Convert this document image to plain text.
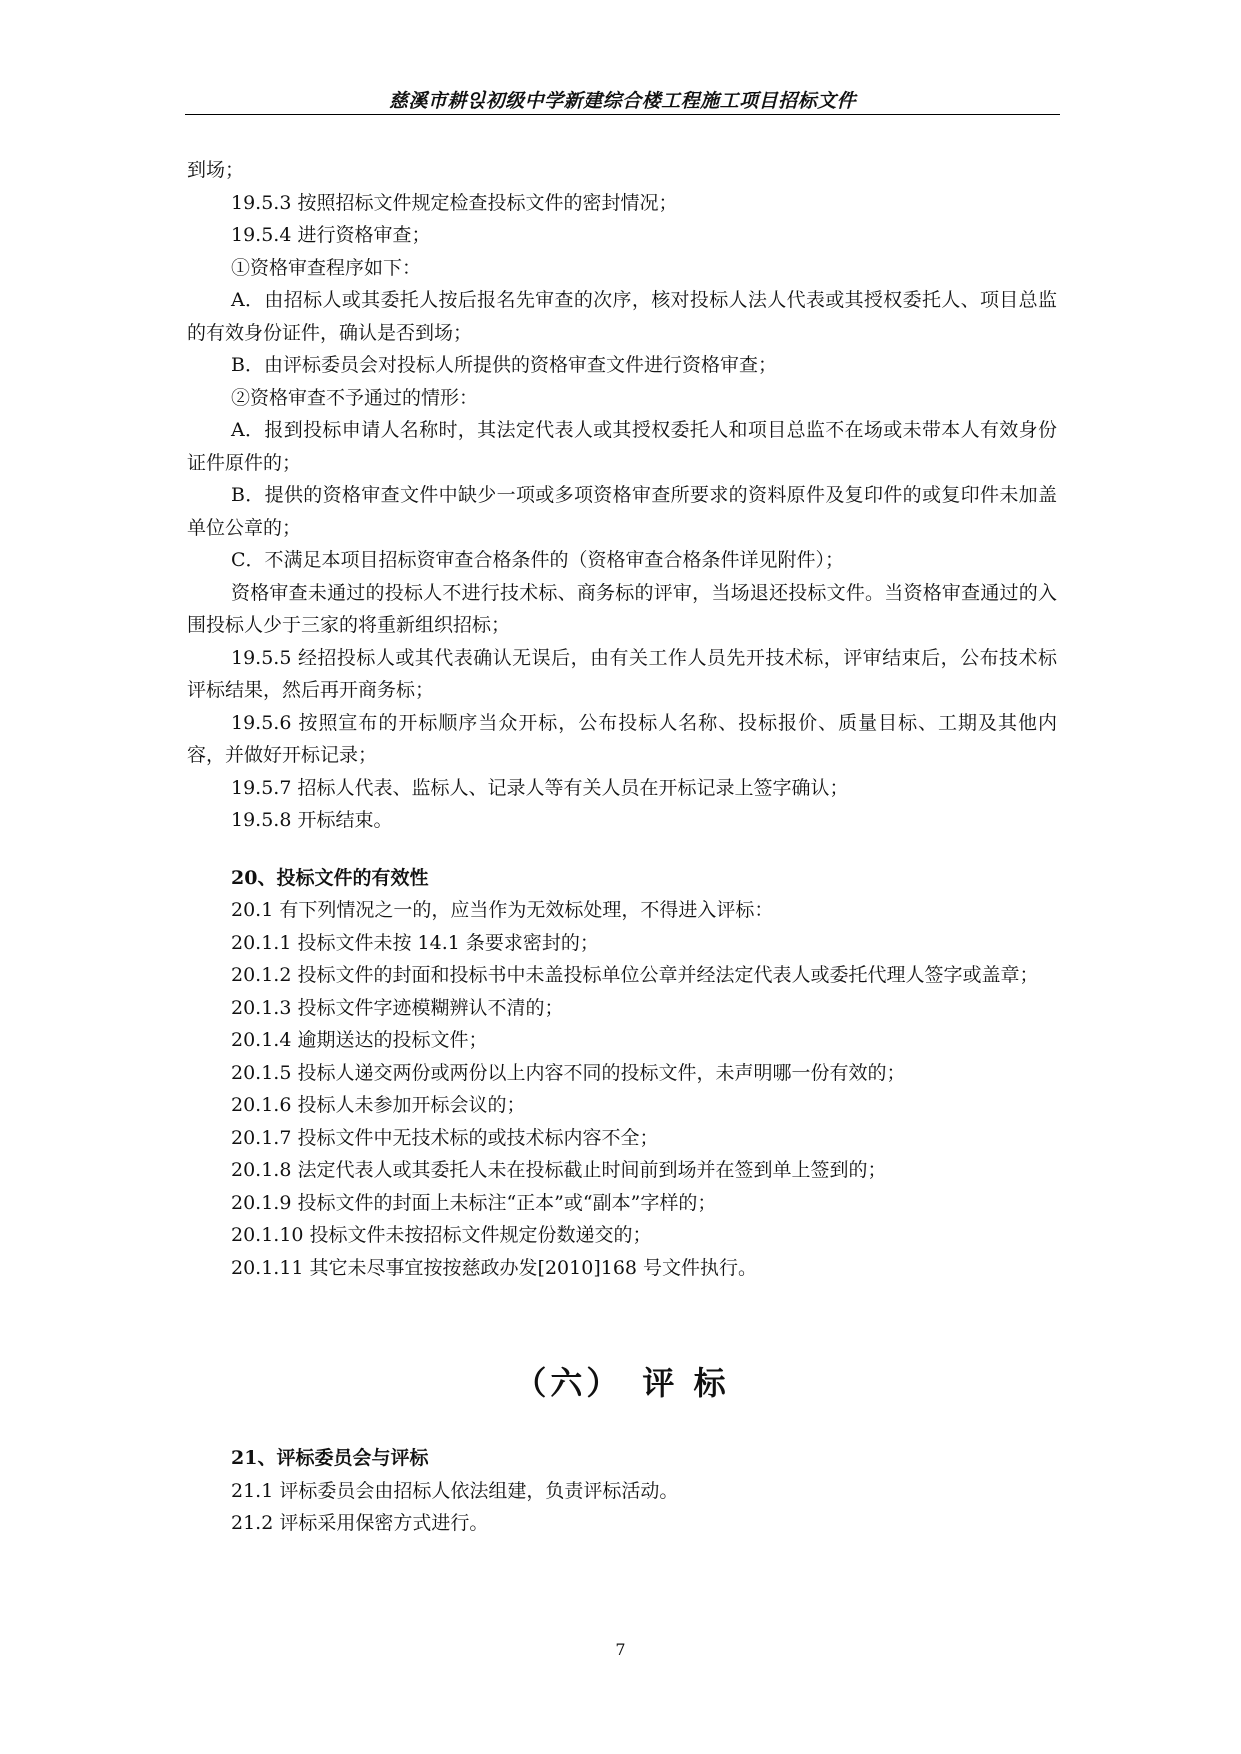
慈溪市耕읹初级中学新建综合楼工程施工项目招标文件

到场；

19.5.3 按照招标文件规定检查投标文件的密封情况；

19.5.4 进行资格审查；

①资格审查程序如下：

A．由招标人或其委托人按后报名先审查的次序，核对投标人法人代表或其授权委托人、项目总监的有效身份证件，确认是否到场；

B．由评标委员会对投标人所提供的资格审查文件进行资格审查；

②资格审查不予通过的情形：

A．报到投标申请人名称时，其法定代表人或其授权委托人和项目总监不在场或未带本人有效身份证件原件的；

B．提供的资格审查文件中缺少一项或多项资格审查所要求的资料原件及复印件的或复印件未加盖单位公章的；

C．不满足本项目招标资审查合格条件的（资格审查合格条件详见附件）；

资格审查未通过的投标人不进行技术标、商务标的评审，当场退还投标文件。当资格审查通过的入围投标人少于三家的将重新组织招标；

19.5.5 经招投标人或其代表确认无误后，由有关工作人员先开技术标，评审结束后，公布技术标评标结果，然后再开商务标；

19.5.6 按照宣布的开标顺序当众开标，公布投标人名称、投标报价、质量目标、工期及其他内容，并做好开标记录；

19.5.7 招标人代表、监标人、记录人等有关人员在开标记录上签字确认；

19.5.8 开标结束。

20、投标文件的有效性

20.1 有下列情况之一的，应当作为无效标处理，不得进入评标：

20.1.1 投标文件未按 14.1 条要求密封的；

20.1.2 投标文件的封面和投标书中未盖投标单位公章并经法定代表人或委托代理人签字或盖章；

20.1.3 投标文件字迹模糊辨认不清的；

20.1.4 逾期送达的投标文件；

20.1.5 投标人递交两份或两份以上内容不同的投标文件，未声明哪一份有效的；

20.1.6 投标人未参加开标会议的；

20.1.7 投标文件中无技术标的或技术标内容不全；

20.1.8 法定代表人或其委托人未在投标截止时间前到场并在签到单上签到的；

20.1.9 投标文件的封面上未标注“正本”或“副本”字样的；

20.1.10 投标文件未按招标文件规定份数递交的；

20.1.11 其它未尽事宜按按慈政办发[2010]168 号文件执行。

（六）　评 标

21、评标委员会与评标

21.1 评标委员会由招标人依法组建，负责评标活动。

21.2 评标采用保密方式进行。

7
